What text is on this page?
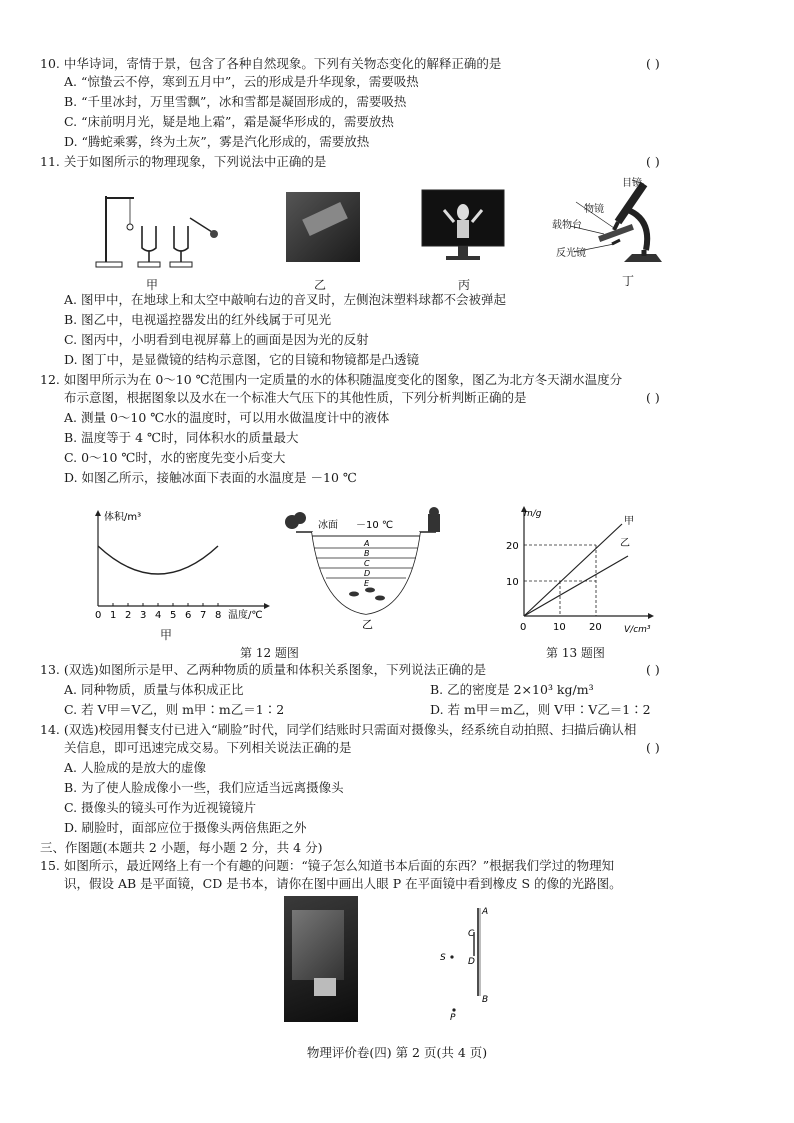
10. 中华诗词，寄情于景，包含了各种自然现象。下列有关物态变化的解释正确的是	( )
A. “惊蛰云不停，寒到五月中”，云的形成是升华现象，需要吸热
B. “千里冰封，万里雪飘”，冰和雪都是凝固形成的，需要吸热
C. “床前明月光，疑是地上霜”，霜是凝华形成的，需要放热
D. “腾蛇乘雾，终为土灰”，雾是汽化形成的，需要放热
11. 关于如图所示的物理现象，下列说法中正确的是	( )
目镜
物镜
载物台
反光镜
甲	乙	丙	丁
A. 图甲中，在地球上和太空中敲响右边的音叉时，左侧泡沫塑料球都不会被弹起
B. 图乙中，电视遥控器发出的红外线属于可见光
C. 图丙中，小明看到电视屏幕上的画面是因为光的反射
D. 图丁中，是显微镜的结构示意图，它的目镜和物镜都是凸透镜
12. 如图甲所示为在 0～10 ℃范围内一定质量的水的体积随温度变化的图象，图乙为北方冬天湖水温度分
布示意图，根据图象以及水在一个标准大气压下的其他性质，下列分析判断正确的是	( )
A. 测量 0～10 ℃水的温度时，可以用水做温度计中的液体
B. 温度等于 4 ℃时，同体积水的质量最大
C. 0～10 ℃时，水的密度先变小后变大
D. 如图乙所示，接触冰面下表面的水温度是 －10 ℃
体积/m³
温度/℃
0 1 2 3 4 5 6 7 8
甲
冰面 －10 ℃
A
B
C
D
E
乙
第 12 题图
m/g
V/cm³
20
10
0	10 20
甲
乙
第 13 题图
13. (双选)如图所示是甲、乙两种物质的质量和体积关系图象，下列说法正确的是	( )
A. 同种物质，质量与体积成正比	B. 乙的密度是 2×10³ kg/m³
C. 若 V甲＝V乙，则 m甲∶m乙＝1∶2	D. 若 m甲＝m乙，则 V甲∶V乙＝1∶2
14. (双选)校园用餐支付已进入“刷脸”时代，同学们结账时只需面对摄像头，经系统自动拍照、扫描后确认相
关信息，即可迅速完成交易。下列相关说法正确的是	( )
A. 人脸成的是放大的虚像
B. 为了使人脸成像小一些，我们应适当远离摄像头
C. 摄像头的镜头可作为近视镜镜片
D. 刷脸时，面部应位于摄像头两倍焦距之外
三、作图题(本题共 2 小题，每小题 2 分，共 4 分)
15. 如图所示，最近网络上有一个有趣的问题：“镜子怎么知道书本后面的东西？”根据我们学过的物理知
识，假设 AB 是平面镜，CD 是书本，请你在图中画出人眼 P 在平面镜中看到橡皮 S 的像的光路图。
A
C
D
B
S
P
物理评价卷(四) 第 2 页(共 4 页)
